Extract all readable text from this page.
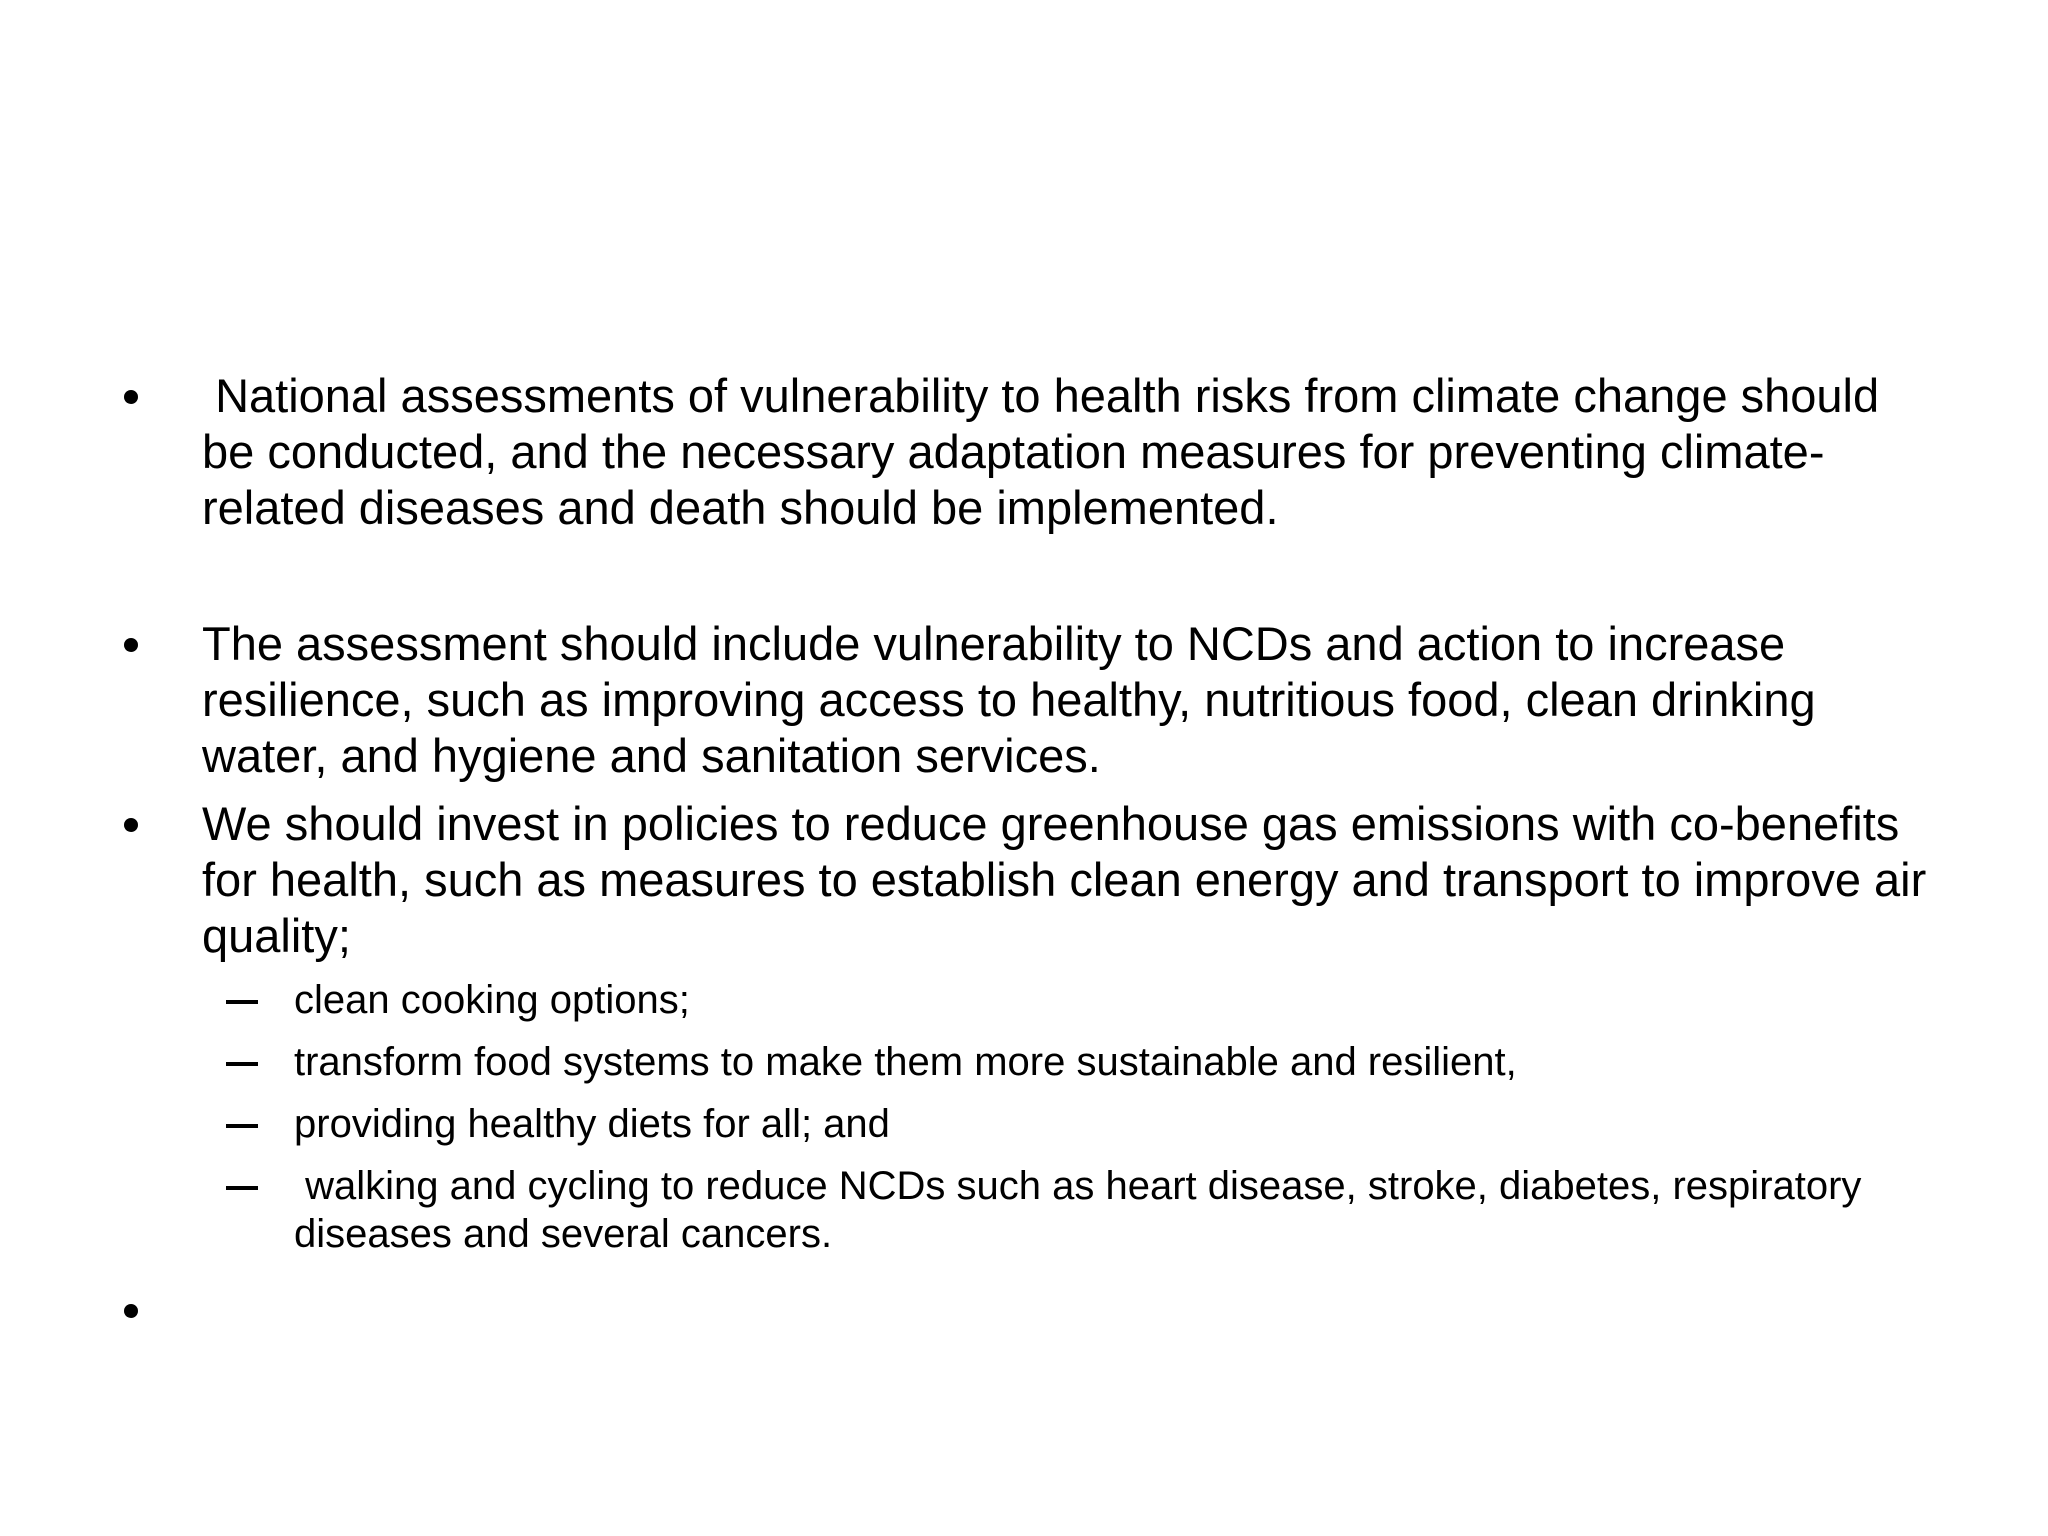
National assessments of vulnerability to health risks from climate change should be conducted, and the necessary adaptation measures for preventing climate-related diseases and death should be implemented.
The assessment should include vulnerability to NCDs and action to increase resilience, such as improving access to healthy, nutritious food, clean drinking water, and hygiene and sanitation services.
We should invest in policies to reduce greenhouse gas emissions with co-benefits for health, such as measures to establish clean energy and transport to improve air quality;
clean cooking options;
transform food systems to make them more sustainable and resilient,
providing healthy diets for all; and
walking and cycling to reduce NCDs such as heart disease, stroke, diabetes, respiratory diseases and several cancers.
